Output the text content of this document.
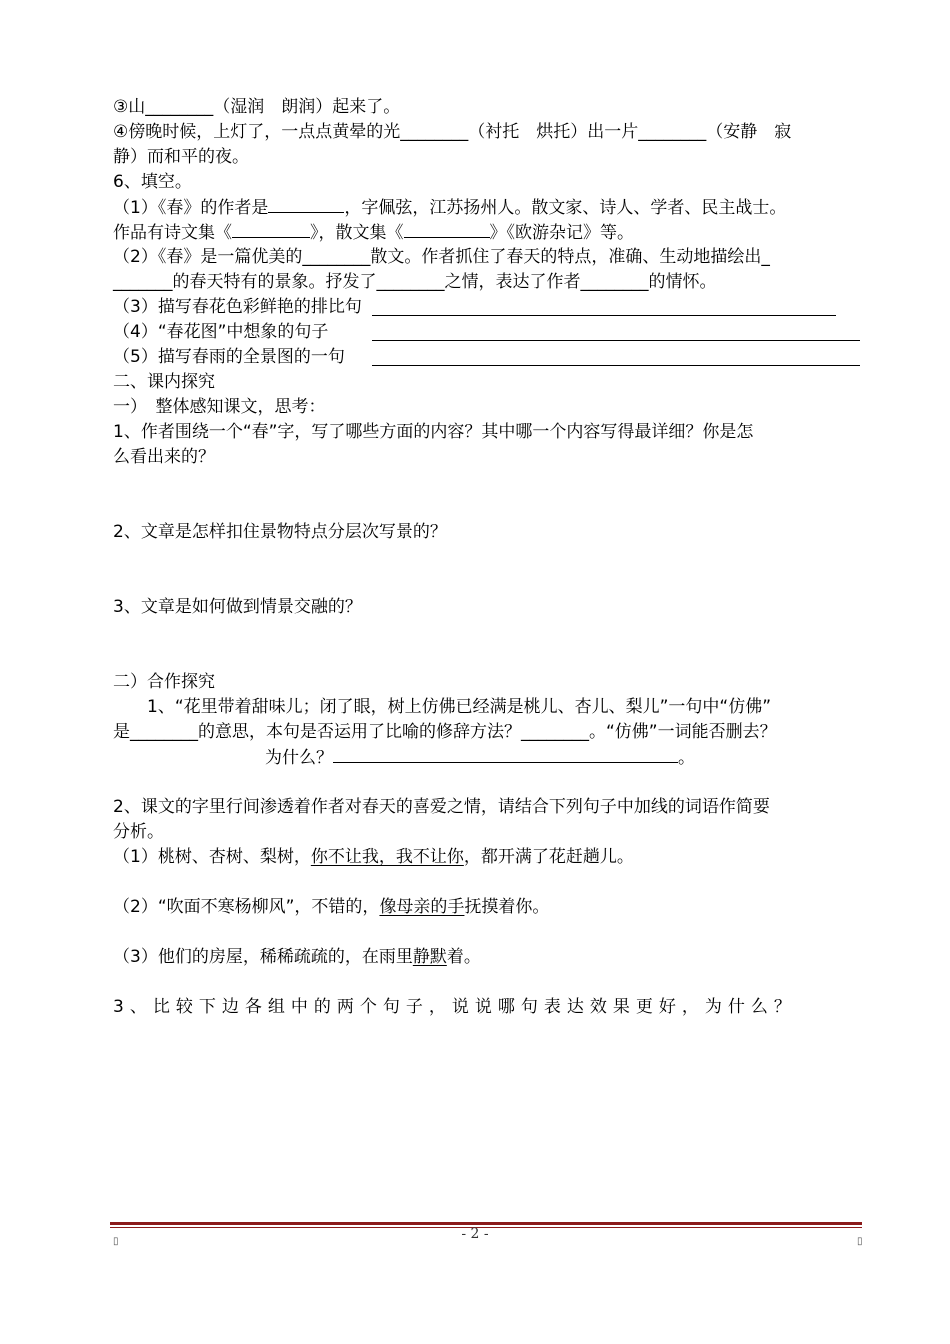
③山________（湿润　朗润）起来了。
④傍晚时候，上灯了，一点点黄晕的光________（衬托　烘托）出一片________（安静　寂
静）而和平的夜。
6、填空。
（1）《春》的作者是	，字佩弦，江苏扬州人。散文家、诗人、学者、民主战士。
作品有诗文集《	》，散文集《	》《欧游杂记》等。
（2）《春》是一篇优美的________散文。作者抓住了春天的特点，准确、生动地描绘出_
_______的春天特有的景象。抒发了________之情，表达了作者________的情怀。
（3）描写春花色彩鲜艳的排比句
（4）“春花图”中想象的句子
（5）描写春雨的全景图的一句
二、课内探究
一）　整体感知课文，思考：
1、作者围绕一个“春”字，写了哪些方面的内容？其中哪一个内容写得最详细？你是怎
么看出来的？
2、文章是怎样扣住景物特点分层次写景的？
3、文章是如何做到情景交融的？
二）合作探究
　　1、“花里带着甜味儿；闭了眼，树上仿佛已经满是桃儿、杏儿、梨儿”一句中“仿佛”
是________的意思，本句是否运用了比喻的修辞方法？________。“仿佛”一词能否删去？
为什么？	。
2、课文的字里行间渗透着作者对春天的喜爱之情，请结合下列句子中加线的词语作简要
分析。
（1）桃树、杏树、梨树，你不让我，我不让你，都开满了花赶趟儿。
（2）“吹面不寒杨柳风”，不错的，像母亲的手抚摸着你。
（3）他们的房屋，稀稀疏疏的，在雨里静默着。
3、比较下边各组中的两个句子，说说哪句表达效果更好，为什么？
- 2 -
▯	▯
